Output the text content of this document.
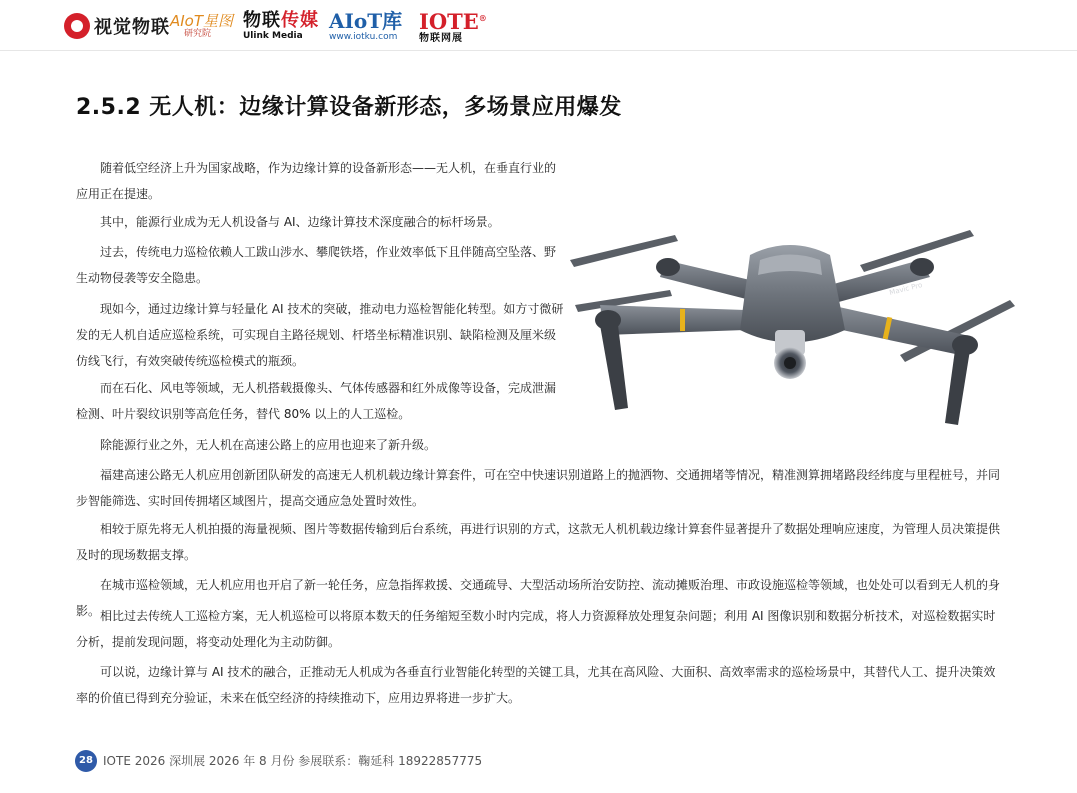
视觉物联 AIoT星图
研究院
物联传媒
Ulink Media
AIoT库
www.iotku.com
IOTE®
物联网展
2.5.2 无人机：边缘计算设备新形态，多场景应用爆发

随着低空经济上升为国家战略，作为边缘计算的设备新形态——无人机，在垂直行业的应用正在提速。

其中，能源行业成为无人机设备与 AI、边缘计算技术深度融合的标杆场景。

过去，传统电力巡检依赖人工跋山涉水、攀爬铁塔，作业效率低下且伴随高空坠落、野生动物侵袭等安全隐患。

现如今，通过边缘计算与轻量化 AI 技术的突破，推动电力巡检智能化转型。如方寸微研发的无人机自适应巡检系统，可实现自主路径规划、杆塔坐标精准识别、缺陷检测及厘米级仿线飞行，有效突破传统巡检模式的瓶颈。

而在石化、风电等领域，无人机搭载摄像头、气体传感器和红外成像等设备，完成泄漏检测、叶片裂纹识别等高危任务，替代 80% 以上的人工巡检。

除能源行业之外，无人机在高速公路上的应用也迎来了新升级。

福建高速公路无人机应用创新团队研发的高速无人机机载边缘计算套件，可在空中快速识别道路上的抛洒物、交通拥堵等情况，精准测算拥堵路段经纬度与里程桩号，并同步智能筛选、实时回传拥堵区域图片，提高交通应急处置时效性。

相较于原先将无人机拍摄的海量视频、图片等数据传输到后台系统，再进行识别的方式，这款无人机机载边缘计算套件显著提升了数据处理响应速度，为管理人员决策提供及时的现场数据支撑。

在城市巡检领域，无人机应用也开启了新一轮任务，应急指挥救援、交通疏导、大型活动场所治安防控、流动摊贩治理、市政设施巡检等领域，也处处可以看到无人机的身影。 相比过去传统人工巡检方案，无人机巡检可以将原本数天的任务缩短至数小时内完成，将人力资源释放处理复杂问题；利用 AI 图像识别和数据分析技术，对巡检数据实时分析，提前发现问题，将变动处理化为主动防御。

可以说，边缘计算与 AI 技术的融合，正推动无人机成为各垂直行业智能化转型的关键工具，尤其在高风险、大面积、高效率需求的巡检场景中，其替代人工、提升决策效率的价值已得到充分验证，未来在低空经济的持续推动下，应用边界将进一步扩大。

Mavic Pro
28 IOTE 2026 深圳展 2026 年 8 月份 参展联系：鞠延科 18922857775
